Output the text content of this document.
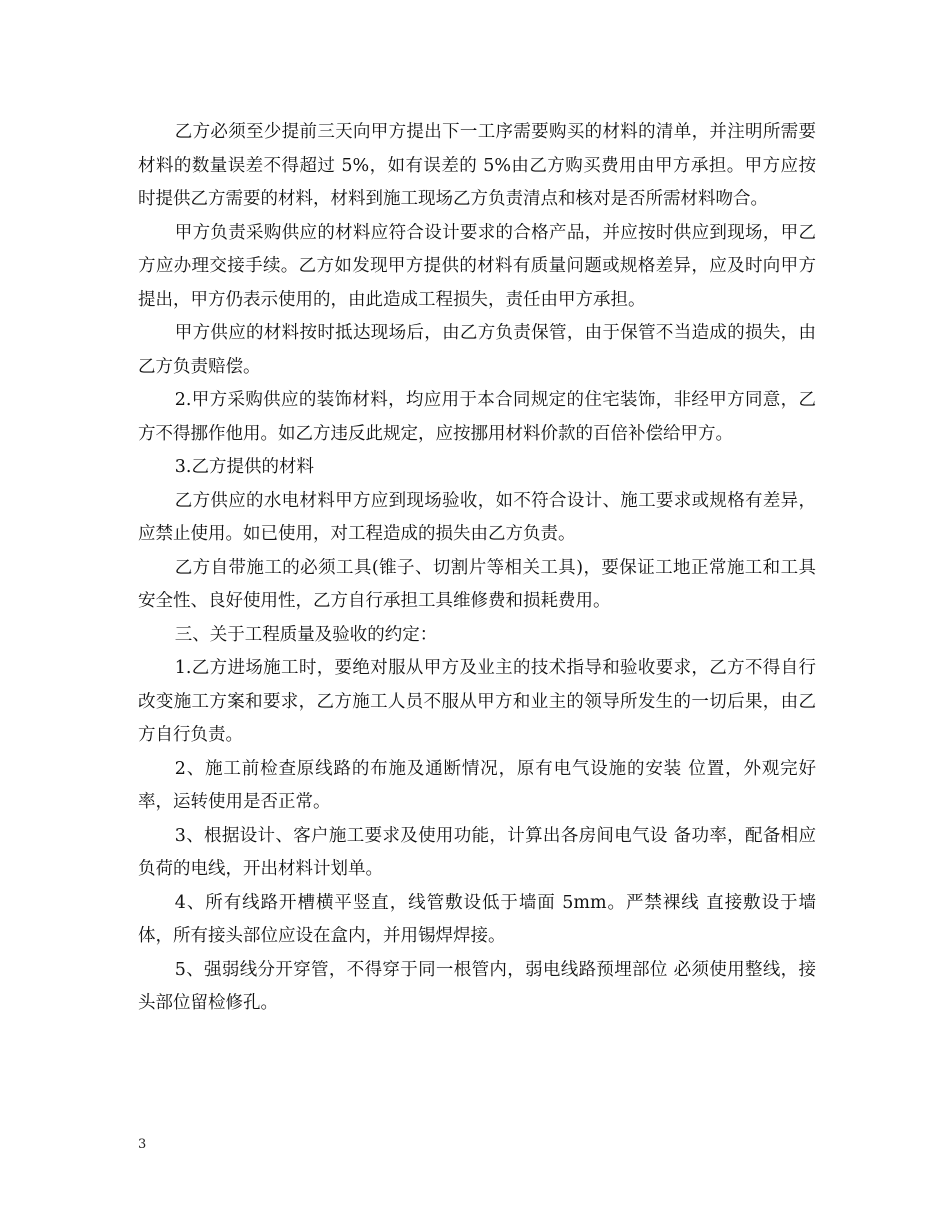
乙方必须至少提前三天向甲方提出下一工序需要购买的材料的清单，并注明所需要材料的数量误差不得超过 5%，如有误差的 5%由乙方购买费用由甲方承担。甲方应按时提供乙方需要的材料，材料到施工现场乙方负责清点和核对是否所需材料吻合。

甲方负责采购供应的材料应符合设计要求的合格产品，并应按时供应到现场，甲乙方应办理交接手续。乙方如发现甲方提供的材料有质量问题或规格差异，应及时向甲方提出，甲方仍表示使用的，由此造成工程损失，责任由甲方承担。

甲方供应的材料按时抵达现场后，由乙方负责保管，由于保管不当造成的损失，由乙方负责赔偿。

2.甲方采购供应的装饰材料，均应用于本合同规定的住宅装饰，非经甲方同意，乙方不得挪作他用。如乙方违反此规定，应按挪用材料价款的百倍补偿给甲方。

3.乙方提供的材料

乙方供应的水电材料甲方应到现场验收，如不符合设计、施工要求或规格有差异，应禁止使用。如已使用，对工程造成的损失由乙方负责。

乙方自带施工的必须工具(锥子、切割片等相关工具)，要保证工地正常施工和工具安全性、良好使用性，乙方自行承担工具维修费和损耗费用。

三、关于工程质量及验收的约定：

1.乙方进场施工时，要绝对服从甲方及业主的技术指导和验收要求，乙方不得自行改变施工方案和要求，乙方施工人员不服从甲方和业主的领导所发生的一切后果，由乙方自行负责。

2、施工前检查原线路的布施及通断情况，原有电气设施的安装 位置，外观完好率，运转使用是否正常。

3、根据设计、客户施工要求及使用功能，计算出各房间电气设 备功率，配备相应负荷的电线，开出材料计划单。

4、所有线路开槽横平竖直，线管敷设低于墙面 5mm。严禁裸线 直接敷设于墙体，所有接头部位应设在盒内，并用锡焊焊接。

5、强弱线分开穿管，不得穿于同一根管内，弱电线路预埋部位 必须使用整线，接头部位留检修孔。

3
